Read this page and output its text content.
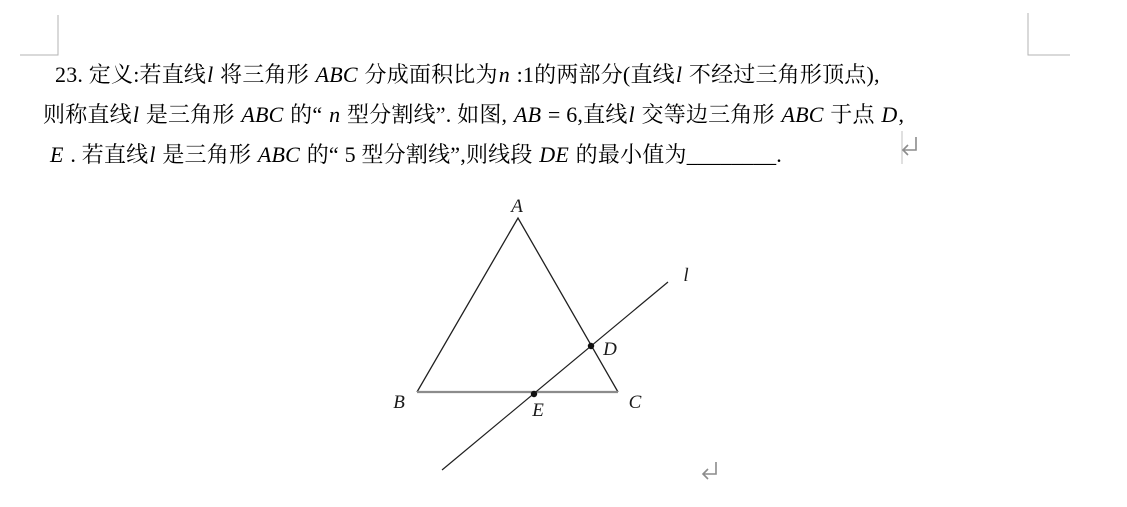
23. 定义:若直线l 将三角形 ABC 分成面积比为n :1的两部分(直线l 不经过三角形顶点),
则称直线l 是三角形 ABC 的“ n 型分割线”. 如图, AB = 6,直线l 交等边三角形 ABC 于点 D,
E . 若直线l 是三角形 ABC 的“ 5 型分割线”,则线段 DE 的最小值为________.
A
B	C
D
E
l
